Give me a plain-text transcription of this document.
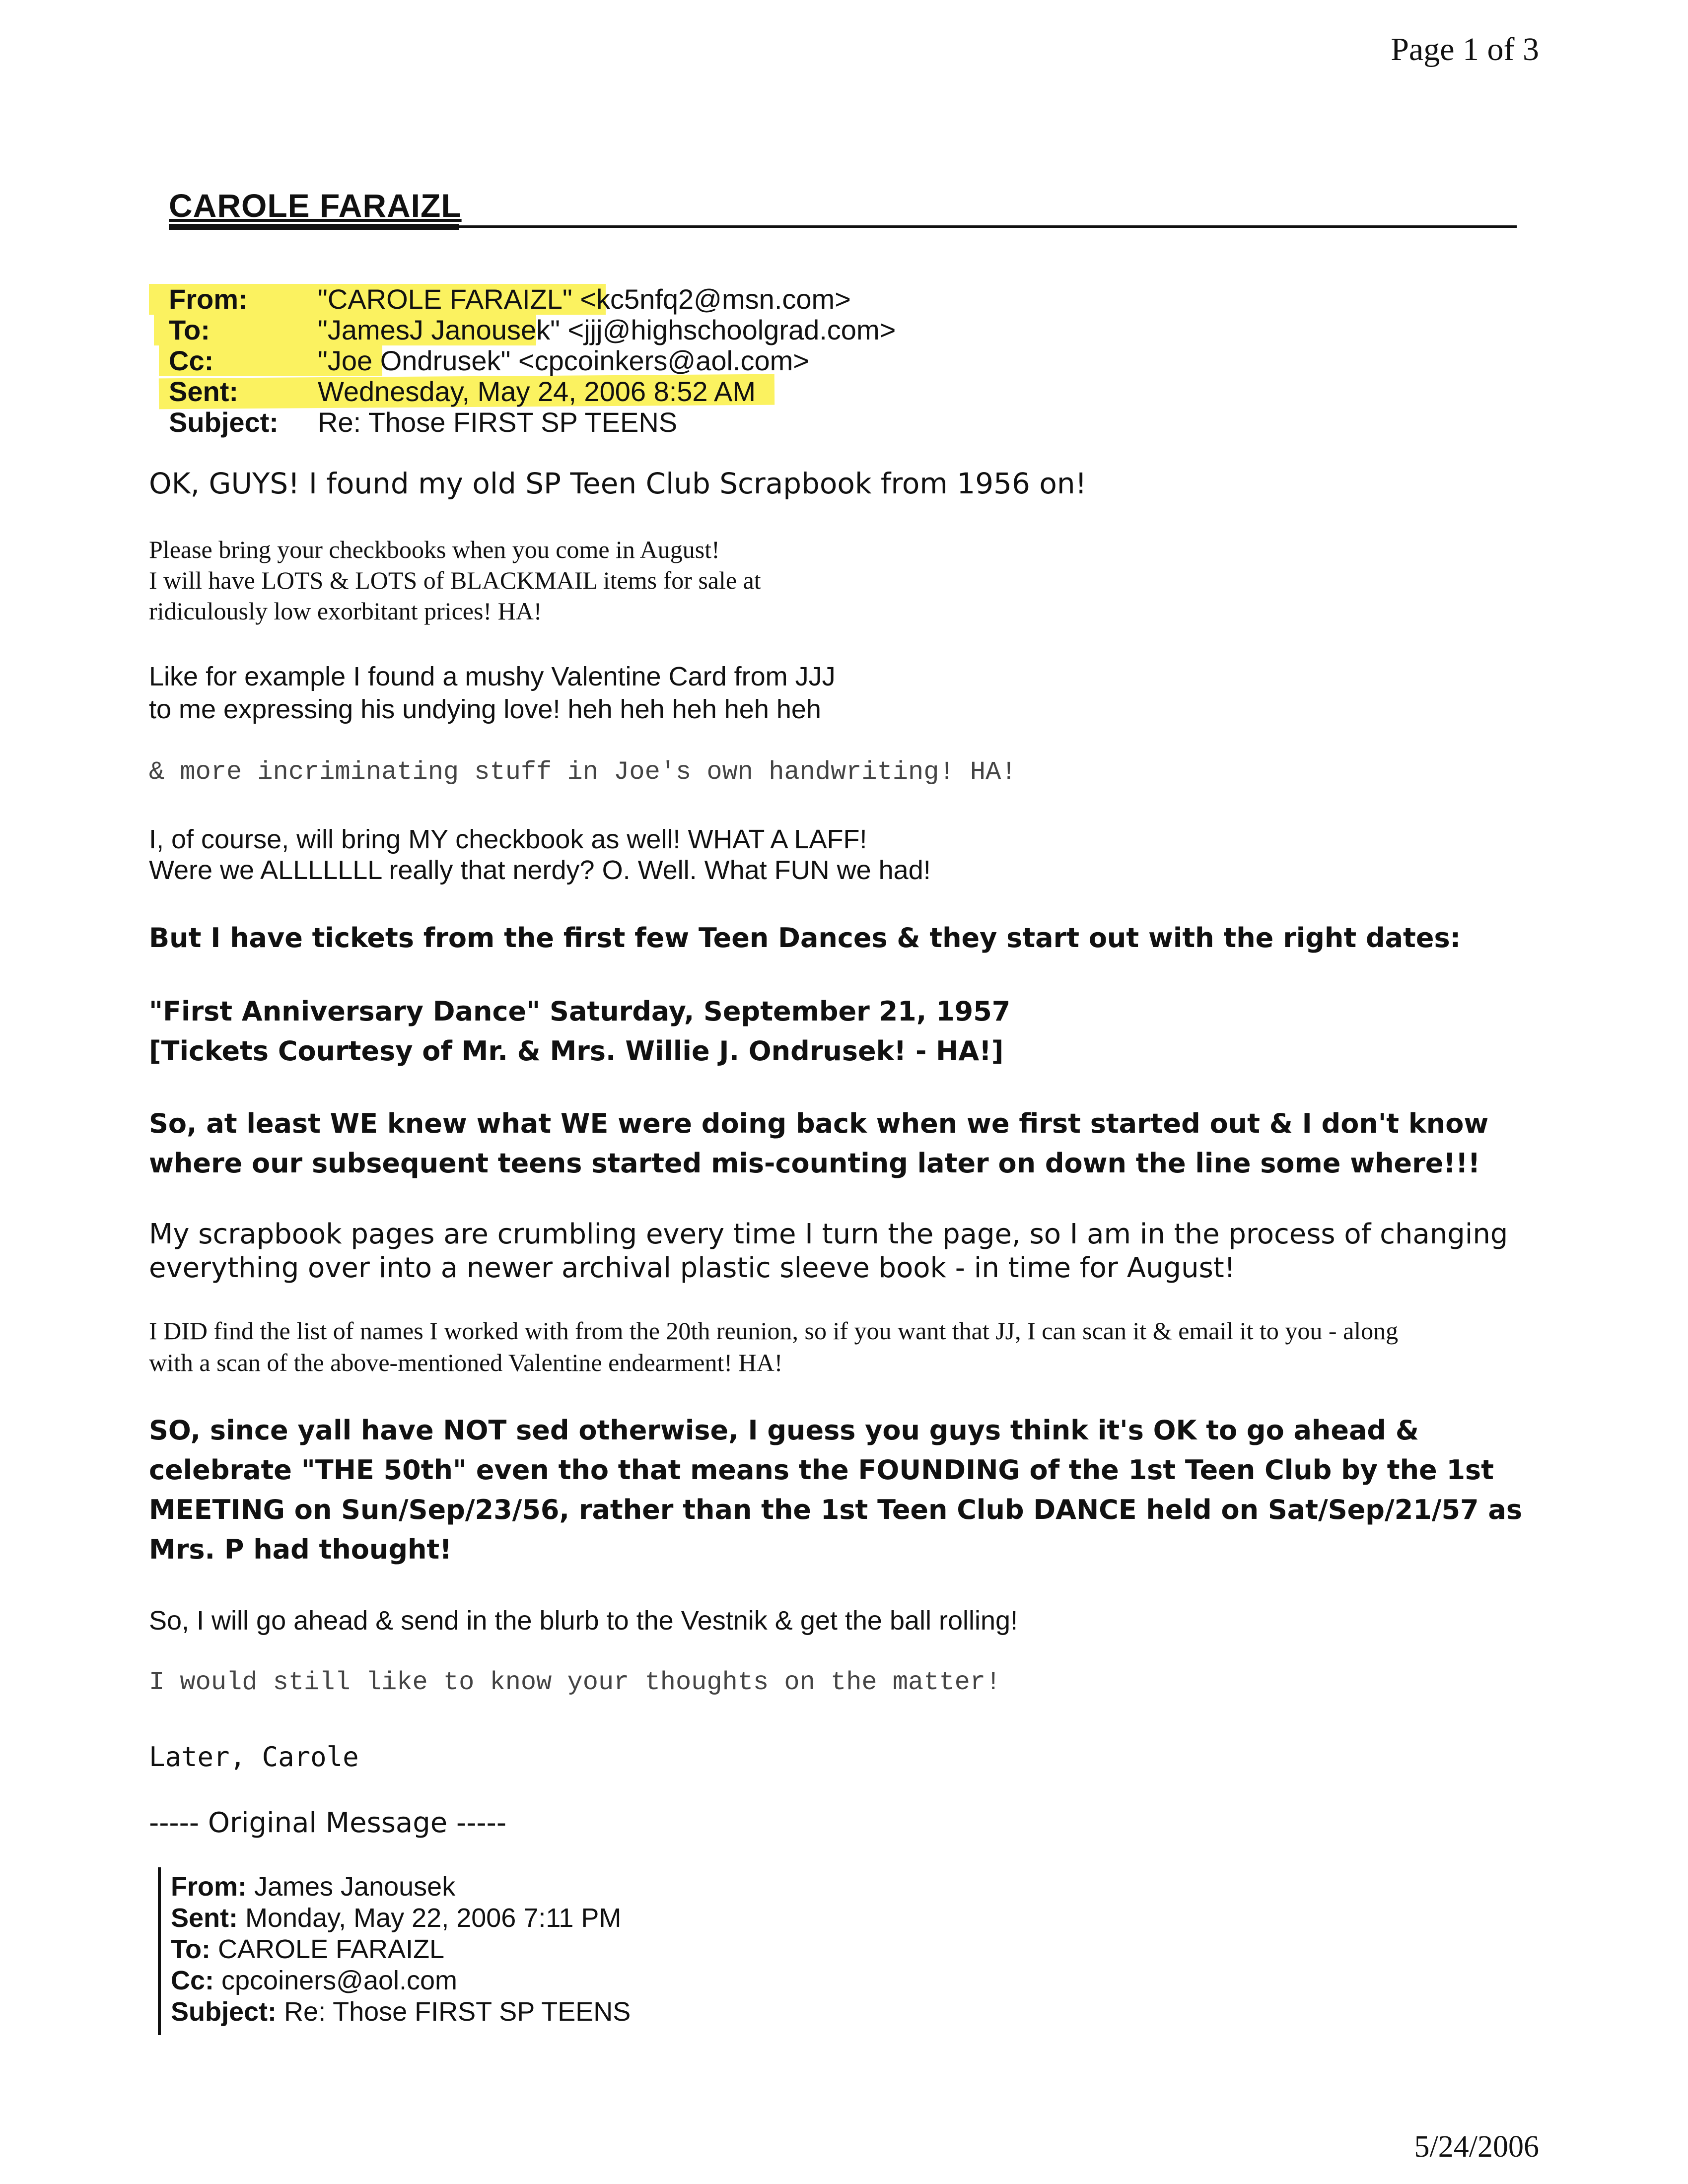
Page 1 of 3
CAROLE FARAIZL
From:	"CAROLE FARAIZL" <kc5nfq2@msn.com>
To:	"JamesJ Janousek" <jjj@highschoolgrad.com>
Cc:	"Joe Ondrusek" <cpcoinkers@aol.com>
Sent:	Wednesday, May 24, 2006 8:52 AM
Subject:	Re: Those FIRST SP TEENS

OK, GUYS! I found my old SP Teen Club Scrapbook from 1956 on!

Please bring your checkbooks when you come in August!

I will have LOTS & LOTS of BLACKMAIL items for sale at

ridiculously low exorbitant prices! HA!

Like for example I found a mushy Valentine Card from JJJ

to me expressing his undying love! heh heh heh heh heh

& more incriminating stuff in Joe's own handwriting! HA!

I, of course, will bring MY checkbook as well! WHAT A LAFF!

Were we ALLLLLLL really that nerdy? O. Well. What FUN we had!

But I have tickets from the first few Teen Dances & they start out with the right dates:

"First Anniversary Dance" Saturday, September 21, 1957

[Tickets Courtesy of Mr. & Mrs. Willie J. Ondrusek! - HA!]

So, at least WE knew what WE were doing back when we first started out & I don't know

where our subsequent teens started mis-counting later on down the line some where!!!

My scrapbook pages are crumbling every time I turn the page, so I am in the process of changing

everything over into a newer archival plastic sleeve book - in time for August!

I DID find the list of names I worked with from the 20th reunion, so if you want that JJ, I can scan it & email it to you - along

with a scan of the above-mentioned Valentine endearment! HA!

SO, since yall have NOT sed otherwise, I guess you guys think it's OK to go ahead &

celebrate "THE 50th" even tho that means the FOUNDING of the 1st Teen Club by the 1st

MEETING on Sun/Sep/23/56, rather than the 1st Teen Club DANCE held on Sat/Sep/21/57 as

Mrs. P had thought!

So, I will go ahead & send in the blurb to the Vestnik & get the ball rolling!

I would still like to know your thoughts on the matter!

Later, Carole

----- Original Message -----

From: James Janousek
Sent: Monday, May 22, 2006 7:11 PM
To: CAROLE FARAIZL
Cc: cpcoiners@aol.com
Subject: Re: Those FIRST SP TEENS
5/24/2006
